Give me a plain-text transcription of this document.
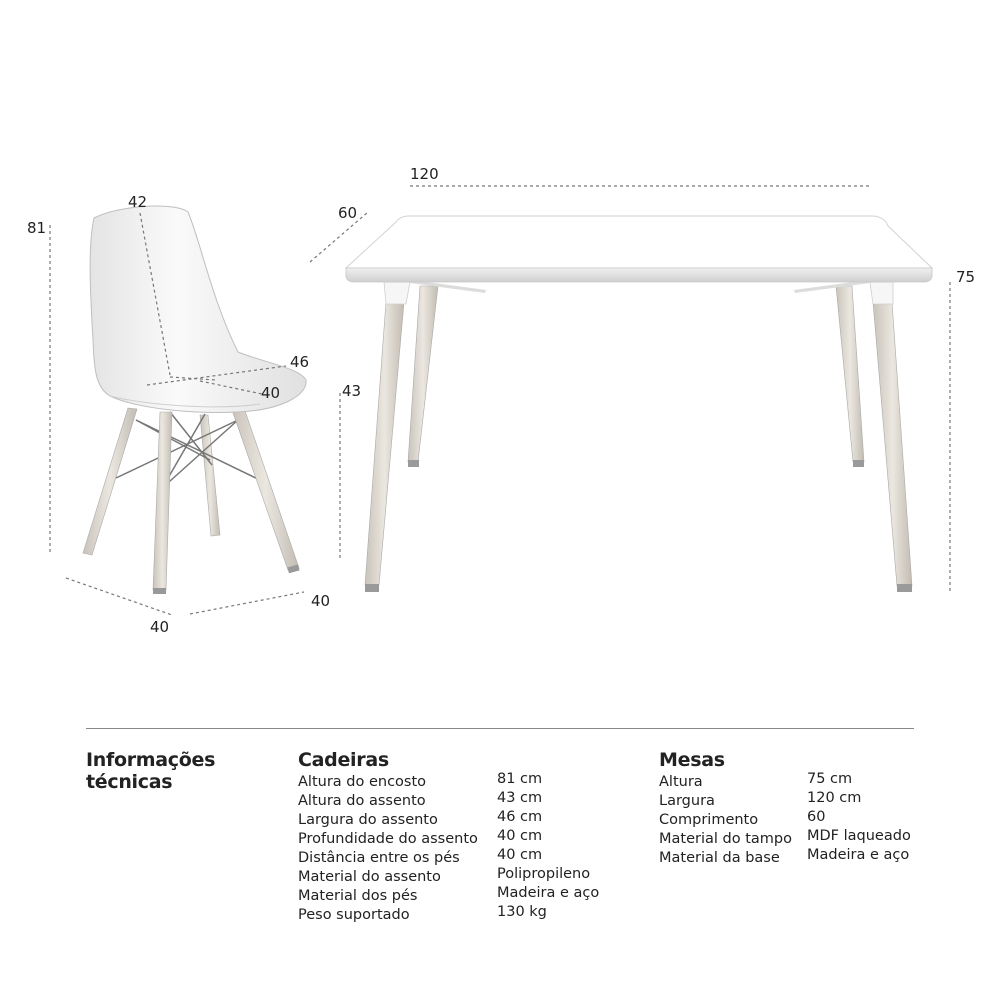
81
42
46
40	43
40
40
120
60
75
Informações
técnicas
Cadeiras
Altura do encosto
Altura do assento
Largura do assento
Profundidade do assento
Distância entre os pés
Material do assento
Material dos pés
Peso suportado
81 cm
43 cm
46 cm
40 cm
40 cm
Polipropileno
Madeira e aço
130 kg
Mesas
Altura
Largura
Comprimento
Material do tampo
Material da base
75 cm
120 cm
60
MDF laqueado
Madeira e aço
